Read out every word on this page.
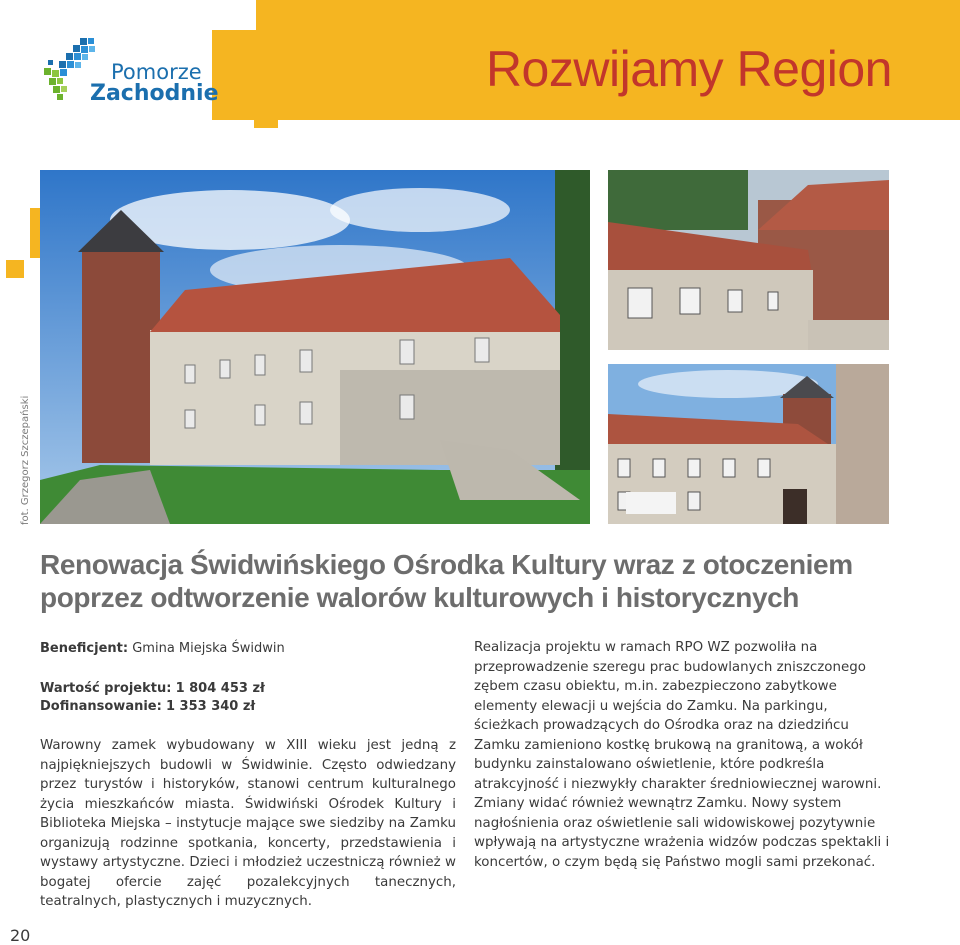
Rozwijamy Region
Pomorze
Zachodnie
fot. Grzegorz Szczepański
Renowacja Świdwińskiego Ośrodka Kultury wraz z otoczeniem poprzez odtworzenie walorów kulturowych i historycznych
Beneficjent: Gmina Miejska Świdwin
Wartość projektu: 1 804 453 zł
Dofinansowanie: 1 353 340 zł
Warowny zamek wybudowany w XIII wieku jest jedną z najpiękniejszych budowli w Świdwinie. Często odwiedzany przez turystów i historyków, stanowi centrum kulturalnego życia mieszkańców miasta. Świdwiński Ośrodek Kultury i Biblioteka Miejska – instytucje mające swe siedziby na Zamku organizują rodzinne spotkania, koncerty, przedstawienia i wystawy artystyczne. Dzieci i młodzież uczestniczą również w bogatej ofercie zajęć pozalekcyjnych tanecznych, teatralnych, plastycznych i muzycznych.
Realizacja projektu w ramach RPO WZ pozwoliła na przeprowadzenie szeregu prac budowlanych zniszczonego zębem czasu obiektu, m.in. zabezpieczono zabytkowe elementy elewacji u wejścia do Zamku. Na parkingu, ścieżkach prowadzących do Ośrodka oraz na dziedzińcu Zamku zamieniono kostkę brukową na granitową, a wokół budynku zainstalowano oświetlenie, które podkreśla atrakcyjność i niezwykły charakter średniowiecznej warowni. Zmiany widać również wewnątrz Zamku. Nowy system nagłośnienia oraz oświetlenie sali widowiskowej pozytywnie wpływają na artystyczne wrażenia widzów podczas spektakli i koncertów, o czym będą się Państwo mogli sami przekonać.
20
